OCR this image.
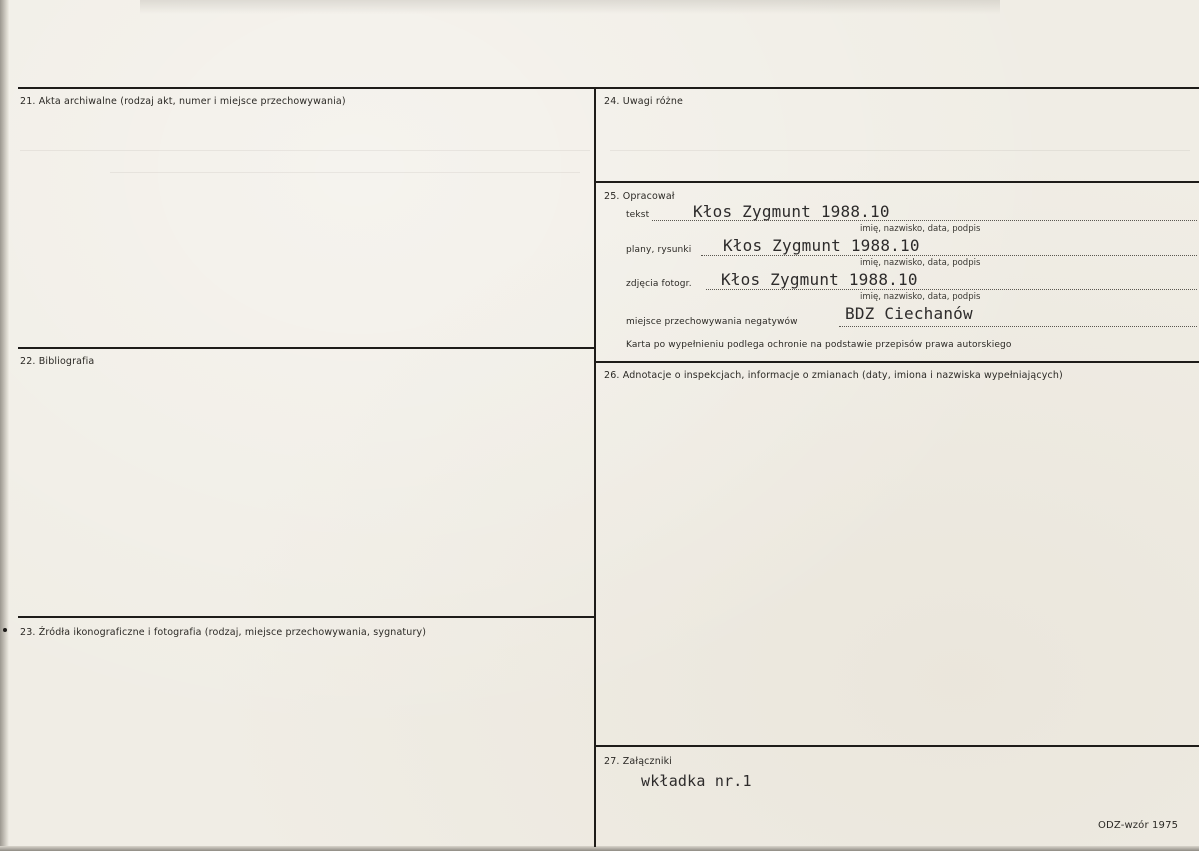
21. Akta archiwalne (rodzaj akt, numer i miejsce przechowywania)
22. Bibliografia
23. Źródła ikonograficzne i fotografia (rodzaj, miejsce przechowywania, sygnatury)
24. Uwagi różne
25. Opracował
tekst	Kłos Zygmunt 1988.10
imię, nazwisko, data, podpis
plany, rysunki Kłos Zygmunt 1988.10
imię, nazwisko, data, podpis
zdjęcia fotogr. Kłos Zygmunt 1988.10
imię, nazwisko, data, podpis
miejsce przechowywania negatywów	BDZ Ciechanów
Karta po wypełnieniu podlega ochronie na podstawie przepisów prawa autorskiego
26. Adnotacje o inspekcjach, informacje o zmianach (daty, imiona i nazwiska wypełniających)
27. Załączniki
wkładka nr.1
ODZ-wzór 1975
